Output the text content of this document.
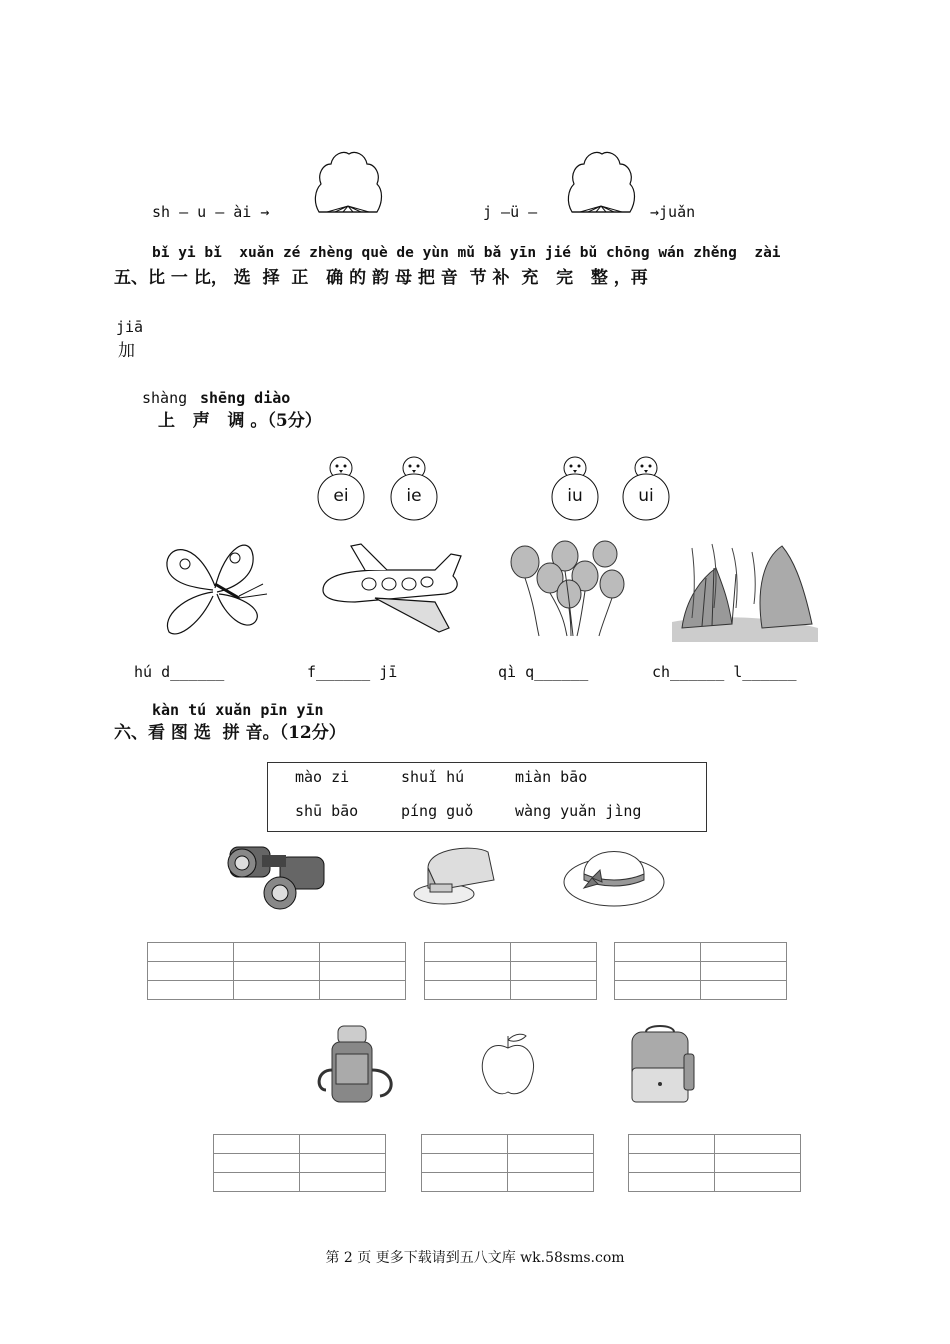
sh — u — ài →	j —ü —	→juǎn
bǐ yi bǐ  xuǎn zé zhèng què de yùn mǔ bǎ yīn jié bǔ chōng wán zhěng  zài
五、比 一 比， 选  择  正   确 的 韵 母 把 音  节 补  充   完   整 ，再
jiā
加
shàng shēng diào
上   声   调 。（5分）
ei	ie	iu	ui
hú d______	f______ jī	qì q______	ch______ l______
kàn tú xuǎn pīn yīn
六、看 图 选  拼 音。（12分）
mào zi	shuǐ hú	miàn bāo
shū bāo	píng guǒ	wàng yuǎn jìng

第 2 页 更多下载请到五八文库 wk.58sms.com
